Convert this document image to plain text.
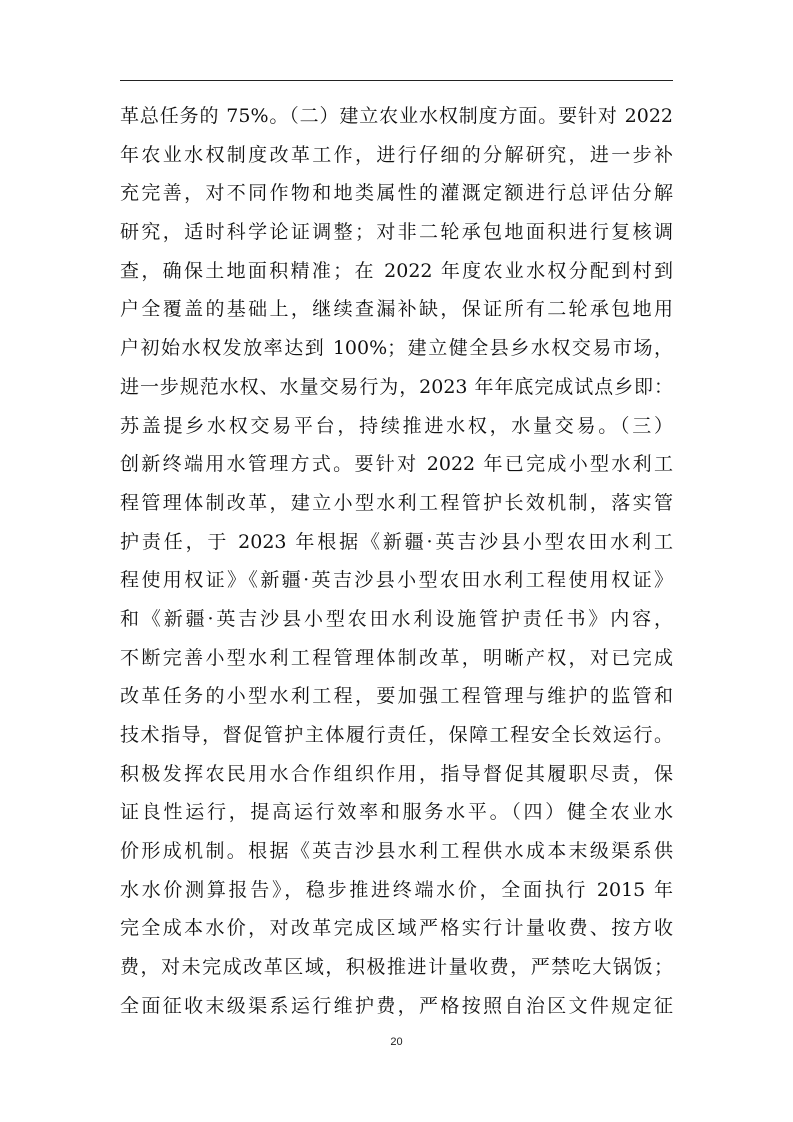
革总任务的 75%。（二）建立农业水权制度方面。要针对 2022
年农业水权制度改革工作，进行仔细的分解研究，进一步补
充完善，对不同作物和地类属性的灌溉定额进行总评估分解
研究，适时科学论证调整；对非二轮承包地面积进行复核调
查，确保土地面积精准；在 2022 年度农业水权分配到村到
户全覆盖的基础上，继续查漏补缺，保证所有二轮承包地用
户初始水权发放率达到 100%；建立健全县乡水权交易市场，
进一步规范水权、水量交易行为，2023 年年底完成试点乡即：
苏盖提乡水权交易平台，持续推进水权，水量交易。（三）
创新终端用水管理方式。要针对 2022 年已完成小型水利工
程管理体制改革，建立小型水利工程管护长效机制，落实管
护责任，于 2023 年根据《新疆·英吉沙县小型农田水利工
程使用权证》《新疆·英吉沙县小型农田水利工程使用权证》
和《新疆·英吉沙县小型农田水利设施管护责任书》内容，
不断完善小型水利工程管理体制改革，明晰产权，对已完成
改革任务的小型水利工程，要加强工程管理与维护的监管和
技术指导，督促管护主体履行责任，保障工程安全长效运行。
积极发挥农民用水合作组织作用，指导督促其履职尽责，保
证良性运行，提高运行效率和服务水平。（四）健全农业水
价形成机制。根据《英吉沙县水利工程供水成本末级渠系供
水水价测算报告》，稳步推进终端水价，全面执行 2015 年
完全成本水价，对改革完成区域严格实行计量收费、按方收
费，对未完成改革区域，积极推进计量收费，严禁吃大锅饭；
全面征收末级渠系运行维护费，严格按照自治区文件规定征
20
